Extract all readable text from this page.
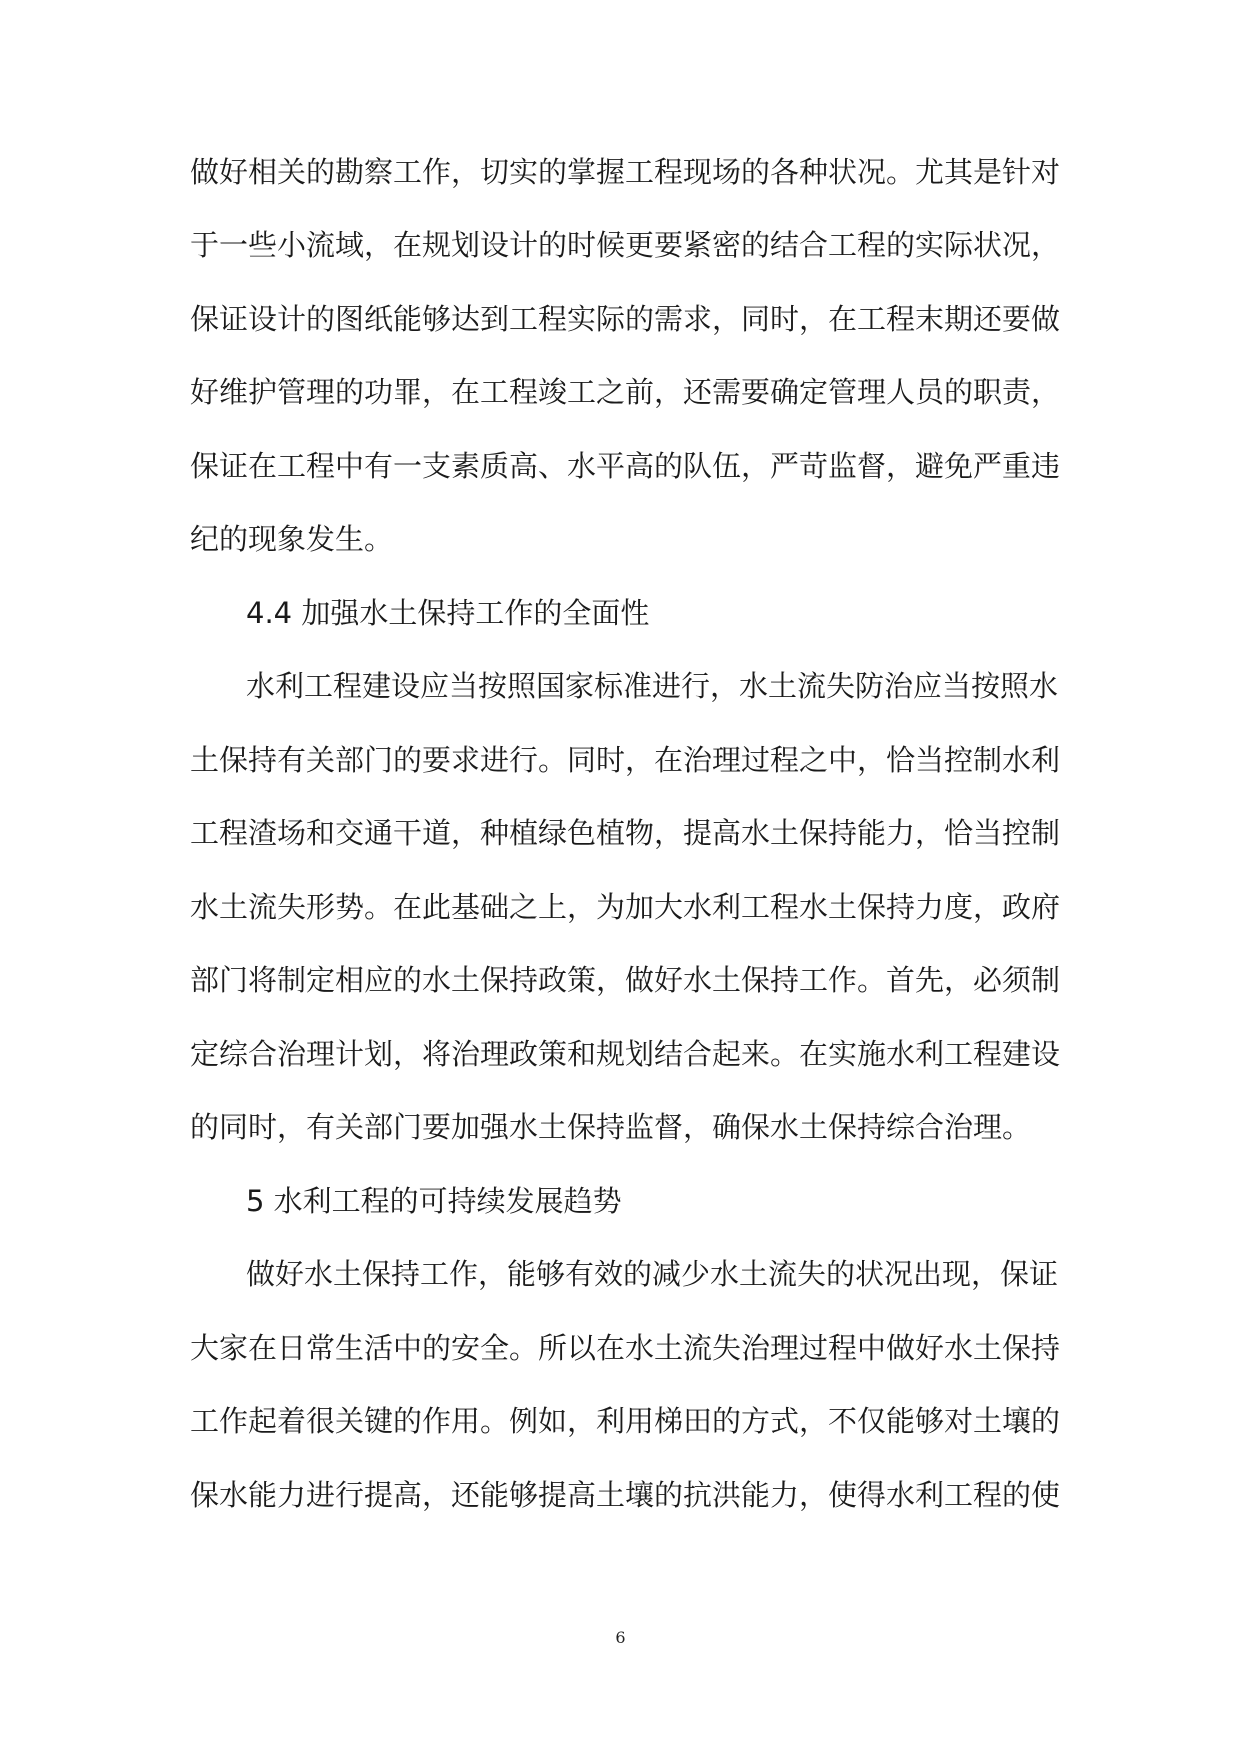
做好相关的勘察工作，切实的掌握工程现场的各种状况。尤其是针对
于一些小流域，在规划设计的时候更要紧密的结合工程的实际状况，
保证设计的图纸能够达到工程实际的需求，同时，在工程末期还要做
好维护管理的功罪，在工程竣工之前，还需要确定管理人员的职责，
保证在工程中有一支素质高、水平高的队伍，严苛监督，避免严重违
纪的现象发生。
4.4 加强水土保持工作的全面性
水利工程建设应当按照国家标准进行，水土流失防治应当按照水
土保持有关部门的要求进行。同时，在治理过程之中，恰当控制水利
工程渣场和交通干道，种植绿色植物，提高水土保持能力，恰当控制
水土流失形势。在此基础之上，为加大水利工程水土保持力度，政府
部门将制定相应的水土保持政策，做好水土保持工作。首先，必须制
定综合治理计划，将治理政策和规划结合起来。在实施水利工程建设
的同时，有关部门要加强水土保持监督，确保水土保持综合治理。
5 水利工程的可持续发展趋势
做好水土保持工作，能够有效的减少水土流失的状况出现，保证
大家在日常生活中的安全。所以在水土流失治理过程中做好水土保持
工作起着很关键的作用。例如，利用梯田的方式，不仅能够对土壤的
保水能力进行提高，还能够提高土壤的抗洪能力，使得水利工程的使
6
